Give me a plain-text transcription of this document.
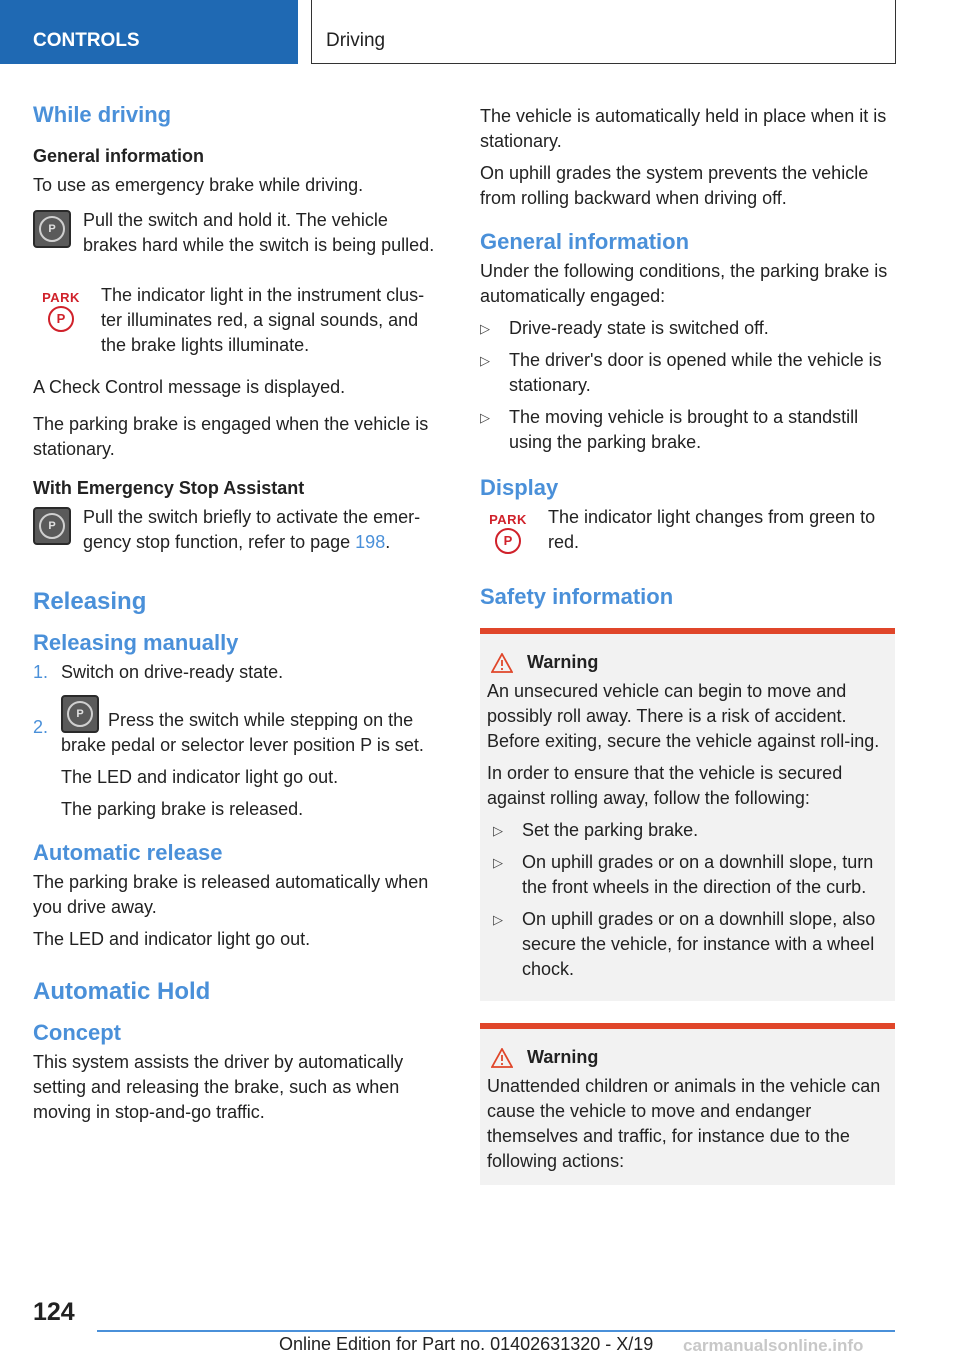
CONTROLS	Driving
While driving
General information

To use as emergency brake while driving.

P	Pull the switch and hold it. The vehicle brakes hard while the switch is being pulled.

PARK
P

The indicator light in the instrument clus‐ter illuminates red, a signal sounds, and the brake lights illuminate.

A Check Control message is displayed.

The parking brake is engaged when the vehicle is stationary.

With Emergency Stop Assistant
P	Pull the switch briefly to activate the emer‐gency stop function, refer to page 198.

Releasing
Releasing manually
1. Switch on drive-ready state.
2.
P	Press the switch while stepping on the brake pedal or selector lever position P is set.
The LED and indicator light go out.
The parking brake is released.
Automatic release

The parking brake is released automatically when you drive away.

The LED and indicator light go out.

Automatic Hold
Concept

This system assists the driver by automatically setting and releasing the brake, such as when moving in stop-and-go traffic.

The vehicle is automatically held in place when it is stationary.

On uphill grades the system prevents the vehicle from rolling backward when driving off.

General information

Under the following conditions, the parking brake is automatically engaged:

▷ Drive-ready state is switched off.
▷ The driver's door is opened while the vehicle is stationary.
▷ The moving vehicle is brought to a standstill using the parking brake.
Display
PARK
P

The indicator light changes from green to red.

Safety information
Warning

An unsecured vehicle can begin to move and possibly roll away. There is a risk of accident. Before exiting, secure the vehicle against roll‐ing.

In order to ensure that the vehicle is secured against rolling away, follow the following:

▷ Set the parking brake.
▷ On uphill grades or on a downhill slope, turn the front wheels in the direction of the curb.
▷ On uphill grades or on a downhill slope, also secure the vehicle, for instance with a wheel chock.
Warning

Unattended children or animals in the vehicle can cause the vehicle to move and endanger themselves and traffic, for instance due to the following actions:

124
Online Edition for Part no. 01402631320 - X/19 carmanualsonline.info
